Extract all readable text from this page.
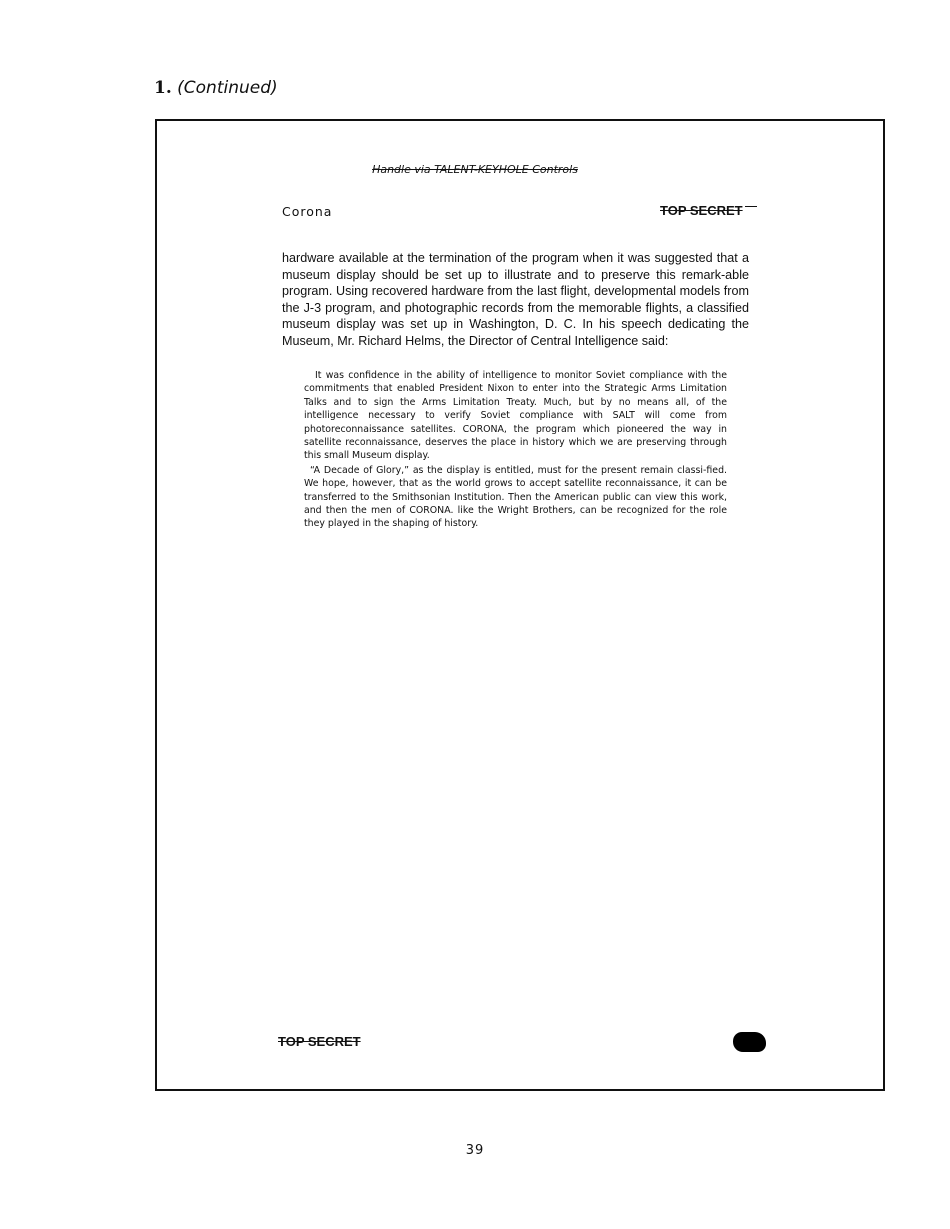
1. (Continued)
Handle via TALENT-KEYHOLE Controls
Corona	TOP SECRET
hardware available at the termination of the program when it was suggested that a museum display should be set up to illustrate and to preserve this remark-able program. Using recovered hardware from the last flight, developmental models from the J-3 program, and photographic records from the memorable flights, a classified museum display was set up in Washington, D. C. In his speech dedicating the Museum, Mr. Richard Helms, the Director of Central Intelligence said:

It was confidence in the ability of intelligence to monitor Soviet compliance with the commitments that enabled President Nixon to enter into the Strategic Arms Limitation Talks and to sign the Arms Limitation Treaty. Much, but by no means all, of the intelligence necessary to verify Soviet compliance with SALT will come from photoreconnaissance satellites. CORONA, the program which pioneered the way in satellite reconnaissance, deserves the place in history which we are preserving through this small Museum display.

“A Decade of Glory,” as the display is entitled, must for the present remain classi-fied. We hope, however, that as the world grows to accept satellite reconnaissance, it can be transferred to the Smithsonian Institution. Then the American public can view this work, and then the men of CORONA. like the Wright Brothers, can be recognized for the role they played in the shaping of history.

TOP SECRET
39
